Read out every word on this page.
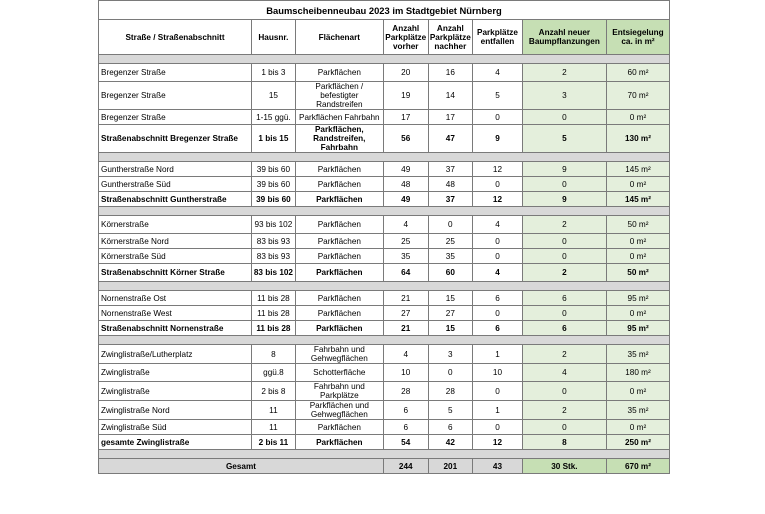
Baumscheibenneubau 2023 im Stadtgebiet Nürnberg							
Straße / Straßenabschnitt	Hausnr.	Flächenart	Anzahl Parkplätze vorher	Anzahl Parkplätze nachher	Parkplätze entfallen	Anzahl neuer Baumpflanzungen	Entsiegelung ca. in m²

Bregenzer Straße	1 bis 3	Parkflächen	20	16	4	2	60 m²
Bregenzer Straße	15	Parkflächen / befestigter Randstreifen	19	14	5	3	70 m²
Bregenzer Straße	1-15 ggü.	Parkflächen Fahrbahn	17	17	0	0	0 m²
Straßenabschnitt Bregenzer Straße	1 bis 15	Parkflächen, Randstreifen, Fahrbahn	56	47	9	5	130 m²

Guntherstraße Nord	39 bis 60	Parkflächen	49	37	12	9	145 m²
Guntherstraße Süd	39 bis 60	Parkflächen	48	48	0	0	0 m²
Straßenabschnitt Guntherstraße	39 bis 60	Parkflächen	49	37	12	9	145 m²

Körnerstraße	93 bis 102	Parkflächen	4	0	4	2	50 m²
Körnerstraße Nord	83 bis 93	Parkflächen	25	25	0	0	0 m²
Körnerstraße Süd	83 bis 93	Parkflächen	35	35	0	0	0 m²
Straßenabschnitt Körner Straße	83 bis 102	Parkflächen	64	60	4	2	50 m²

Nornenstraße Ost	11 bis 28	Parkflächen	21	15	6	6	95 m²
Nornenstraße West	11 bis 28	Parkflächen	27	27	0	0	0 m²
Straßenabschnitt Nornenstraße	11 bis 28	Parkflächen	21	15	6	6	95 m²

Zwinglistraße/Lutherplatz	8	Fahrbahn und Gehwegflächen	4	3	1	2	35 m²
Zwinglistraße	ggü.8	Schotterfläche	10	0	10	4	180 m²
Zwinglistraße	2 bis 8	Fahrbahn und Parkplätze	28	28	0	0	0 m²
Zwinglistraße Nord	11	Parkflächen und Gehwegflächen	6	5	1	2	35 m²
Zwinglistraße Süd	11	Parkflächen	6	6	0	0	0 m²
gesamte Zwinglistraße	2 bis 11	Parkflächen	54	42	12	8	250 m²

Gesamt			244	201	43	30 Stk.	670 m²
